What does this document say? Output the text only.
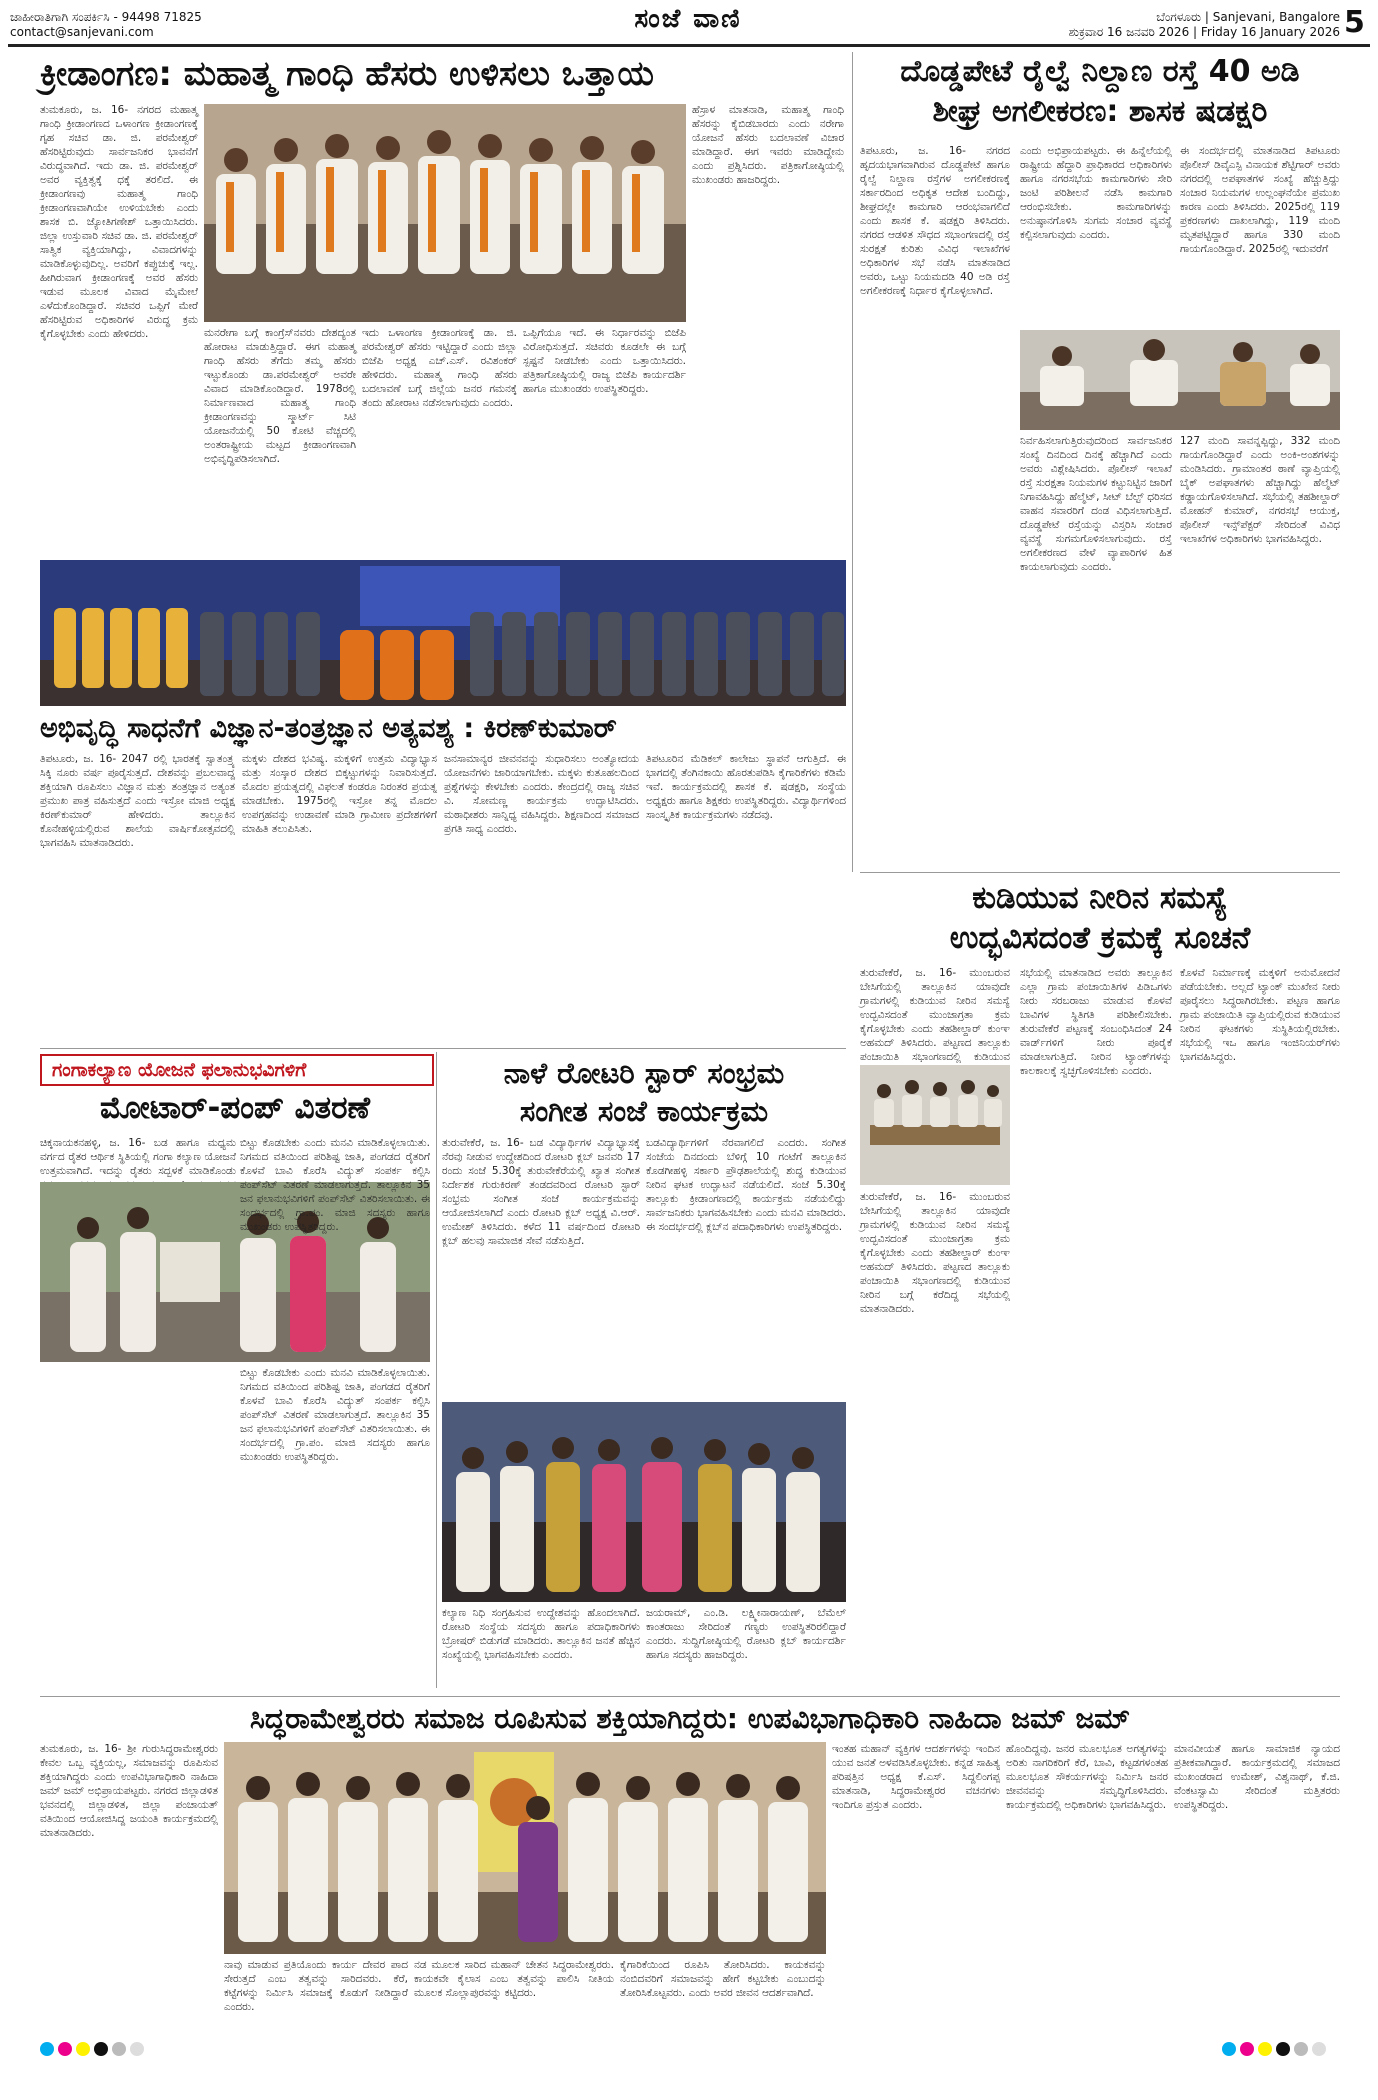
ಜಾಹೀರಾತಿಗಾಗಿ ಸಂಪರ್ಕಿಸಿ - 94498 71825
contact@sanjevani.com	ಸಂಜೆ ವಾಣಿ	ಬೆಂಗಳೂರು | Sanjevani, Bangalore
ಶುಕ್ರವಾರ 16 ಜನವರಿ 2026 | Friday 16 January 2026 5
ಕ್ರೀಡಾಂಗಣ: ಮಹಾತ್ಮ ಗಾಂಧಿ ಹೆಸರು ಉಳಿಸಲು ಒತ್ತಾಯ
ತುಮಕೂರು, ಜ. 16- ನಗರದ ಮಹಾತ್ಮ ಗಾಂಧಿ ಕ್ರೀಡಾಂಗಣದ ಒಳಾಂಗಣ ಕ್ರೀಡಾಂಗಣಕ್ಕೆ ಗೃಹ ಸಚಿವ ಡಾ. ಜಿ. ಪರಮೇಶ್ವರ್ ಹೆಸರಿಟ್ಟಿರುವುದು ಸಾರ್ವಜನಿಕರ ಭಾವನೆಗೆ ವಿರುದ್ಧವಾಗಿದೆ. ಇದು ಡಾ. ಜಿ. ಪರಮೇಶ್ವರ್ ಅವರ ವ್ಯಕ್ತಿತ್ವಕ್ಕೆ ಧಕ್ಕೆ ತರಲಿದೆ. ಈ ಕ್ರೀಡಾಂಗಣವು ಮಹಾತ್ಮ ಗಾಂಧಿ ಕ್ರೀಡಾಂಗಣವಾಗಿಯೇ ಉಳಿಯಬೇಕು ಎಂದು ಶಾಸಕ ಬಿ. ಜ್ಯೋತಿಗಣೇಶ್ ಒತ್ತಾಯಿಸಿದರು. ಜಿಲ್ಲಾ ಉಸ್ತುವಾರಿ ಸಚಿವ ಡಾ. ಜಿ. ಪರಮೇಶ್ವರ್ ಸಾತ್ವಿಕ ವ್ಯಕ್ತಿಯಾಗಿದ್ದು, ವಿವಾದಗಳನ್ನು ಮಾಡಿಕೊಳ್ಳುವುದಿಲ್ಲ. ಅವರಿಗೆ ಕಪ್ಪುಚುಕ್ಕೆ ಇಲ್ಲ. ಹೀಗಿರುವಾಗ ಕ್ರೀಡಾಂಗಣಕ್ಕೆ ಅವರ ಹೆಸರು ಇಡುವ ಮೂಲಕ ವಿವಾದ ಮೈಮೇಲೆ ಎಳೆದುಕೊಂಡಿದ್ದಾರೆ. ಸಚಿವರ ಒಪ್ಪಿಗೆ ಮೇರೆ ಹೆಸರಿಟ್ಟಿರುವ ಅಧಿಕಾರಿಗಳ ವಿರುದ್ಧ ಕ್ರಮ ಕೈಗೊಳ್ಳಬೇಕು ಎಂದು ಹೇಳಿದರು.	ಮನರೇಗಾ ಬಗ್ಗೆ ಕಾಂಗ್ರೆಸ್‌ನವರು ದೇಶದ್ಯಂತ ಹೋರಾಟ ಮಾಡುತ್ತಿದ್ದಾರೆ. ಈಗ ಮಹಾತ್ಮ ಗಾಂಧಿ ಹೆಸರು ತೆಗೆದು ತಮ್ಮ ಹೆಸರು ಇಟ್ಟುಕೊಂಡು ಡಾ.ಪರಮೇಶ್ವರ್ ಅವರೇ ವಿವಾದ ಮಾಡಿಕೊಂಡಿದ್ದಾರೆ. 1978ರಲ್ಲಿ ನಿರ್ಮಾಣವಾದ ಮಹಾತ್ಮ ಗಾಂಧಿ ಕ್ರೀಡಾಂಗಣವನ್ನು ಸ್ಮಾರ್ಟ್ ಸಿಟಿ ಯೋಜನೆಯಲ್ಲಿ 50 ಕೋಟಿ ವೆಚ್ಚದಲ್ಲಿ ಅಂತರಾಷ್ಟ್ರೀಯ ಮಟ್ಟದ ಕ್ರೀಡಾಂಗಣವಾಗಿ ಅಭಿವೃದ್ಧಿಪಡಿಸಲಾಗಿದೆ.
ಇದು ಒಳಾಂಗಣ ಕ್ರೀಡಾಂಗಣಕ್ಕೆ ಡಾ. ಜಿ. ಪರಮೇಶ್ವರ್ ಹೆಸರು ಇಟ್ಟಿದ್ದಾರೆ ಎಂದು ಜಿಲ್ಲಾ ಬಿಜೆಪಿ ಅಧ್ಯಕ್ಷ ಎಚ್.ಎಸ್. ರವಿಶಂಕರ್ ಹೇಳಿದರು. ಮಹಾತ್ಮ ಗಾಂಧಿ ಹೆಸರು ಬದಲಾವಣೆ ಬಗ್ಗೆ ಜಿಲ್ಲೆಯ ಜನರ ಗಮನಕ್ಕೆ ತಂದು ಹೋರಾಟ ನಡೆಸಲಾಗುವುದು ಎಂದರು.
ಒಪ್ಪಿಗೆಯೂ ಇದೆ. ಈ ನಿರ್ಧಾರವನ್ನು ಬಿಜೆಪಿ ವಿರೋಧಿಸುತ್ತದೆ. ಸಚಿವರು ಕೂಡಲೇ ಈ ಬಗ್ಗೆ ಸ್ಪಷ್ಟನೆ ನೀಡಬೇಕು ಎಂದು ಒತ್ತಾಯಿಸಿದರು. ಪತ್ರಿಕಾಗೋಷ್ಠಿಯಲ್ಲಿ ರಾಜ್ಯ ಬಿಜೆಪಿ ಕಾರ್ಯದರ್ಶಿ ಹಾಗೂ ಮುಖಂಡರು ಉಪಸ್ಥಿತರಿದ್ದರು.
ಹೆಸ್ರಾಳ ಮಾತನಾಡಿ, ಮಹಾತ್ಮ ಗಾಂಧಿ ಹೆಸರನ್ನು ಕೈಬಿಡಬಾರದು ಎಂದು ನರೇಗಾ ಯೋಜನೆ ಹೆಸರು ಬದಲಾವಣೆ ವಿಚಾರ ಮಾಡಿದ್ದಾರೆ. ಈಗ ಇವರು ಮಾಡಿದ್ದೇನು ಎಂದು ಪ್ರಶ್ನಿಸಿದರು. ಪತ್ರಿಕಾಗೋಷ್ಠಿಯಲ್ಲಿ ಮುಖಂಡರು ಹಾಜರಿದ್ದರು.
ದೊಡ್ಡಪೇಟೆ ರೈಲ್ವೆ ನಿಲ್ದಾಣ ರಸ್ತೆ 40 ಅಡಿ
ಶೀಘ್ರ ಅಗಲೀಕರಣ: ಶಾಸಕ ಷಡಕ್ಷರಿ
ತಿಪಟೂರು, ಜ. 16- ನಗರದ ಹೃದಯಭಾಗವಾಗಿರುವ ದೊಡ್ಡಪೇಟೆ ಹಾಗೂ ರೈಲ್ವೆ ನಿಲ್ದಾಣ ರಸ್ತೆಗಳ ಅಗಲೀಕರಣಕ್ಕೆ ಸರ್ಕಾರದಿಂದ ಅಧಿಕೃತ ಆದೇಶ ಬಂದಿದ್ದು, ಶೀಘ್ರದಲ್ಲೇ ಕಾಮಗಾರಿ ಆರಂಭವಾಗಲಿದೆ ಎಂದು ಶಾಸಕ ಕೆ. ಷಡಕ್ಷರಿ ತಿಳಿಸಿದರು. ನಗರದ ಆಡಳಿತ ಸೌಧದ ಸಭಾಂಗಣದಲ್ಲಿ ರಸ್ತೆ ಸುರಕ್ಷತೆ ಕುರಿತು ವಿವಿಧ ಇಲಾಖೆಗಳ ಅಧಿಕಾರಿಗಳ ಸಭೆ ನಡೆಸಿ ಮಾತನಾಡಿದ ಅವರು, ಒಟ್ಟು ನಿಯಮದಡಿ 40 ಅಡಿ ರಸ್ತೆ ಅಗಲೀಕರಣಕ್ಕೆ ನಿರ್ಧಾರ ಕೈಗೊಳ್ಳಲಾಗಿದೆ.
ಎಂದು ಅಭಿಪ್ರಾಯಪಟ್ಟರು. ಈ ಹಿನ್ನೆಲೆಯಲ್ಲಿ ರಾಷ್ಟ್ರೀಯ ಹೆದ್ದಾರಿ ಪ್ರಾಧಿಕಾರದ ಅಧಿಕಾರಿಗಳು ಹಾಗೂ ನಗರಸಭೆಯ ಕಾಮಗಾರಿಗಳು ಸೇರಿ ಜಂಟಿ ಪರಿಶೀಲನೆ ನಡೆಸಿ ಕಾಮಗಾರಿ ಆರಂಭಿಸಬೇಕು. ಕಾಮಗಾರಿಗಳನ್ನು ಅನುಷ್ಠಾನಗೊಳಿಸಿ ಸುಗಮ ಸಂಚಾರ ವ್ಯವಸ್ಥೆ ಕಲ್ಪಿಸಲಾಗುವುದು ಎಂದರು.
ಈ ಸಂದರ್ಭದಲ್ಲಿ ಮಾತನಾಡಿದ ತಿಪಟೂರು ಪೊಲೀಸ್ ಡಿವೈಎಸ್ಪಿ ವಿನಾಯಕ ಶೆಟ್ಟಿಗಾರ್ ಅವರು ನಗರದಲ್ಲಿ ಅಪಘಾತಗಳ ಸಂಖ್ಯೆ ಹೆಚ್ಚುತ್ತಿದ್ದು ಸಂಚಾರ ನಿಯಮಗಳ ಉಲ್ಲಂಘನೆಯೇ ಪ್ರಮುಖ ಕಾರಣ ಎಂದು ತಿಳಿಸಿದರು. 2025ರಲ್ಲಿ 119 ಪ್ರಕರಣಗಳು ದಾಖಲಾಗಿದ್ದು, 119 ಮಂದಿ ಮೃತಪಟ್ಟಿದ್ದಾರೆ ಹಾಗೂ 330 ಮಂದಿ ಗಾಯಗೊಂಡಿದ್ದಾರೆ. 2025ರಲ್ಲಿ ಇದುವರೆಗೆ
ನಿರ್ವಹಿಸಲಾಗುತ್ತಿರುವುದರಿಂದ ಸಾರ್ವಜನಿಕರ ಸಂಖ್ಯೆ ದಿನದಿಂದ ದಿನಕ್ಕೆ ಹೆಚ್ಚಾಗಿದೆ ಎಂದು ಅವರು ವಿಶ್ಲೇಷಿಸಿದರು. ಪೊಲೀಸ್ ಇಲಾಖೆ ರಸ್ತೆ ಸುರಕ್ಷತಾ ನಿಯಮಗಳ ಕಟ್ಟುನಿಟ್ಟಿನ ಜಾರಿಗೆ ನಿಗಾವಹಿಸಿದ್ದು ಹೆಲ್ಮೆಟ್, ಸೀಟ್ ಬೆಲ್ಟ್ ಧರಿಸದ ವಾಹನ ಸವಾರರಿಗೆ ದಂಡ ವಿಧಿಸಲಾಗುತ್ತಿದೆ. ದೊಡ್ಡಪೇಟೆ ರಸ್ತೆಯನ್ನು ವಿಸ್ತರಿಸಿ ಸಂಚಾರ ವ್ಯವಸ್ಥೆ ಸುಗಮಗೊಳಿಸಲಾಗುವುದು. ರಸ್ತೆ ಅಗಲೀಕರಣದ ವೇಳೆ ವ್ಯಾಪಾರಿಗಳ ಹಿತ ಕಾಯಲಾಗುವುದು ಎಂದರು.
127 ಮಂದಿ ಸಾವನ್ನಪ್ಪಿದ್ದು, 332 ಮಂದಿ ಗಾಯಗೊಂಡಿದ್ದಾರೆ ಎಂದು ಅಂಕಿ-ಅಂಶಗಳನ್ನು ಮಂಡಿಸಿದರು. ಗ್ರಾಮಾಂತರ ಠಾಣೆ ವ್ಯಾಪ್ತಿಯಲ್ಲಿ ಬೈಕ್ ಅಪಘಾತಗಳು ಹೆಚ್ಚಾಗಿದ್ದು ಹೆಲ್ಮೆಟ್ ಕಡ್ಡಾಯಗೊಳಿಸಲಾಗಿದೆ. ಸಭೆಯಲ್ಲಿ ತಹಶೀಲ್ದಾರ್ ಮೋಹನ್ ಕುಮಾರ್, ನಗರಸಭೆ ಆಯುಕ್ತ, ಪೊಲೀಸ್ ಇನ್ಸ್‌ಪೆಕ್ಟರ್ ಸೇರಿದಂತೆ ವಿವಿಧ ಇಲಾಖೆಗಳ ಅಧಿಕಾರಿಗಳು ಭಾಗವಹಿಸಿದ್ದರು.
ಅಭಿವೃದ್ಧಿ ಸಾಧನೆಗೆ ವಿಜ್ಞಾನ-ತಂತ್ರಜ್ಞಾನ ಅತ್ಯವಶ್ಯ : ಕಿರಣ್‌ಕುಮಾರ್
ತಿಪಟೂರು, ಜ. 16- 2047 ರಲ್ಲಿ ಭಾರತಕ್ಕೆ ಸ್ವಾತಂತ್ರ್ಯ ಸಿಕ್ಕಿ ನೂರು ವರ್ಷ ಪೂರೈಸುತ್ತದೆ. ದೇಶವನ್ನು ಪ್ರಬಲವಾದ್ದ ಶಕ್ತಿಯಾಗಿ ರೂಪಿಸಲು ವಿಜ್ಞಾನ ಮತ್ತು ತಂತ್ರಜ್ಞಾನ ಅತ್ಯಂತ ಪ್ರಮುಖ ಪಾತ್ರ ವಹಿಸುತ್ತದೆ ಎಂದು ಇಸ್ರೋ ಮಾಜಿ ಅಧ್ಯಕ್ಷ ಕಿರಣ್‌ಕುಮಾರ್ ಹೇಳಿದರು. ತಾಲ್ಲೂಕಿನ ಕೊನೇಹಳ್ಳಿಯಲ್ಲಿರುವ ಶಾಲೆಯ ವಾರ್ಷಿಕೋತ್ಸವದಲ್ಲಿ ಭಾಗವಹಿಸಿ ಮಾತನಾಡಿದರು.
ಮಕ್ಕಳು ದೇಶದ ಭವಿಷ್ಯ. ಮಕ್ಕಳಿಗೆ ಉತ್ತಮ ವಿದ್ಯಾಭ್ಯಾಸ ಮತ್ತು ಸಂಸ್ಕಾರ ದೇಶದ ಬಿಕ್ಕಟ್ಟುಗಳನ್ನು ನಿವಾರಿಸುತ್ತದೆ. ಮೊದಲ ಪ್ರಯತ್ನದಲ್ಲಿ ವಿಫಲತೆ ಕಂಡರೂ ನಿರಂತರ ಪ್ರಯತ್ನ ಮಾಡಬೇಕು. 1975ರಲ್ಲಿ ಇಸ್ರೋ ತನ್ನ ಮೊದಲ ಉಪಗ್ರಹವನ್ನು ಉಡಾವಣೆ ಮಾಡಿ ಗ್ರಾಮೀಣ ಪ್ರದೇಶಗಳಿಗೆ ಮಾಹಿತಿ ತಲುಪಿಸಿತು.
ಜನಸಾಮಾನ್ಯರ ಜೀವನವನ್ನು ಸುಧಾರಿಸಲು ಅಂತ್ಯೋದಯ ಯೋಜನೆಗಳು ಜಾರಿಯಾಗಬೇಕು. ಮಕ್ಕಳು ಕುತೂಹಲದಿಂದ ಪ್ರಶ್ನೆಗಳನ್ನು ಕೇಳಬೇಕು ಎಂದರು. ಕೇಂದ್ರದಲ್ಲಿ ರಾಜ್ಯ ಸಚಿವ ವಿ. ಸೋಮಣ್ಣ ಕಾರ್ಯಕ್ರಮ ಉದ್ಘಾಟಿಸಿದರು. ಮಠಾಧೀಶರು ಸಾನ್ನಿಧ್ಯ ವಹಿಸಿದ್ದರು. ಶಿಕ್ಷಣದಿಂದ ಸಮಾಜದ ಪ್ರಗತಿ ಸಾಧ್ಯ ಎಂದರು.
ತಿಪಟೂರಿನ ಮೆಡಿಕಲ್ ಕಾಲೇಜು ಸ್ಥಾಪನೆ ಆಗುತ್ತಿದೆ. ಈ ಭಾಗದಲ್ಲಿ ತೆಂಗಿನಕಾಯಿ ಹೊರತುಪಡಿಸಿ ಕೈಗಾರಿಕೆಗಳು ಕಡಿಮೆ ಇವೆ. ಕಾರ್ಯಕ್ರಮದಲ್ಲಿ ಶಾಸಕ ಕೆ. ಷಡಕ್ಷರಿ, ಸಂಸ್ಥೆಯ ಅಧ್ಯಕ್ಷರು ಹಾಗೂ ಶಿಕ್ಷಕರು ಉಪಸ್ಥಿತರಿದ್ದರು. ವಿದ್ಯಾರ್ಥಿಗಳಿಂದ ಸಾಂಸ್ಕೃತಿಕ ಕಾರ್ಯಕ್ರಮಗಳು ನಡೆದವು.
ಕುಡಿಯುವ ನೀರಿನ ಸಮಸ್ಯೆ
ಉದ್ಭವಿಸದಂತೆ ಕ್ರಮಕ್ಕೆ ಸೂಚನೆ
ತುರುವೇಕೆರೆ, ಜ. 16- ಮುಂಬರುವ ಬೇಸಿಗೆಯಲ್ಲಿ ತಾಲ್ಲೂಕಿನ ಯಾವುದೇ ಗ್ರಾಮಗಳಲ್ಲಿ ಕುಡಿಯುವ ನೀರಿನ ಸಮಸ್ಯೆ ಉದ್ಭವಿಸದಂತೆ ಮುಂಜಾಗ್ರತಾ ಕ್ರಮ ಕೈಗೊಳ್ಳಬೇಕು ಎಂದು ತಹಶೀಲ್ದಾರ್ ಕುಂಞ ಅಹಮದ್ ತಿಳಿಸಿದರು. ಪಟ್ಟಣದ ತಾಲ್ಲೂಕು ಪಂಚಾಯಿತಿ ಸಭಾಂಗಣದಲ್ಲಿ ಕುಡಿಯುವ
ಸಭೆಯಲ್ಲಿ ಮಾತನಾಡಿದ ಅವರು ತಾಲ್ಲೂಕಿನ ಎಲ್ಲಾ ಗ್ರಾಮ ಪಂಚಾಯಿತಿಗಳ ಪಿಡಿಒಗಳು ನೀರು ಸರಬರಾಜು ಮಾಡುವ ಕೊಳವೆ ಬಾವಿಗಳ ಸ್ಥಿತಿಗತಿ ಪರಿಶೀಲಿಸಬೇಕು. ತುರುವೇಕೆರೆ ಪಟ್ಟಣಕ್ಕೆ ಸಂಬಂಧಿಸಿದಂತೆ 24 ವಾರ್ಡ್‌ಗಳಿಗೆ ನೀರು ಪೂರೈಕೆ ಮಾಡಲಾಗುತ್ತಿದೆ. ನೀರಿನ ಟ್ಯಾಂಕ್‌ಗಳನ್ನು ಕಾಲಕಾಲಕ್ಕೆ ಸ್ವಚ್ಛಗೊಳಿಸಬೇಕು ಎಂದರು.
ಕೊಳವೆ ನಿರ್ಮಾಣಕ್ಕೆ ಮಕ್ಕಳಿಗೆ ಅನುಮೋದನೆ ಪಡೆಯಬೇಕು. ಅಲ್ಲದೆ ಟ್ಯಾಂಕ್ ಮುಖೇನ ನೀರು ಪೂರೈಸಲು ಸಿದ್ಧರಾಗಿರಬೇಕು. ಪಟ್ಟಣ ಹಾಗೂ ಗ್ರಾಮ ಪಂಚಾಯಿತಿ ವ್ಯಾಪ್ತಿಯಲ್ಲಿರುವ ಕುಡಿಯುವ ನೀರಿನ ಘಟಕಗಳು ಸುಸ್ಥಿತಿಯಲ್ಲಿರಬೇಕು. ಸಭೆಯಲ್ಲಿ ಇಒ ಹಾಗೂ ಇಂಜಿನಿಯರ್‌ಗಳು ಭಾಗವಹಿಸಿದ್ದರು.
ತುರುವೇಕೆರೆ, ಜ. 16- ಮುಂಬರುವ ಬೇಸಿಗೆಯಲ್ಲಿ ತಾಲ್ಲೂಕಿನ ಯಾವುದೇ ಗ್ರಾಮಗಳಲ್ಲಿ ಕುಡಿಯುವ ನೀರಿನ ಸಮಸ್ಯೆ ಉದ್ಭವಿಸದಂತೆ ಮುಂಜಾಗ್ರತಾ ಕ್ರಮ ಕೈಗೊಳ್ಳಬೇಕು ಎಂದು ತಹಶೀಲ್ದಾರ್ ಕುಂಞ ಅಹಮದ್ ತಿಳಿಸಿದರು. ಪಟ್ಟಣದ ತಾಲ್ಲೂಕು ಪಂಚಾಯಿತಿ ಸಭಾಂಗಣದಲ್ಲಿ ಕುಡಿಯುವ ನೀರಿನ ಬಗ್ಗೆ ಕರೆದಿದ್ದ ಸಭೆಯಲ್ಲಿ ಮಾತನಾಡಿದರು.
ಗಂಗಾಕಲ್ಯಾಣ ಯೋಜನೆ ಫಲಾನುಭವಿಗಳಿಗೆ
ಮೋಟಾರ್-ಪಂಪ್ ವಿತರಣೆ
ಚಿಕ್ಕನಾಯಕನಹಳ್ಳಿ, ಜ. 16- ಬಡ ಹಾಗೂ ಮಧ್ಯಮ ವರ್ಗದ ರೈತರ ಆರ್ಥಿಕ ಸ್ಥಿತಿಯಲ್ಲಿ ಗಂಗಾ ಕಲ್ಯಾಣ ಯೋಜನೆ ಉತ್ತಮವಾಗಿದೆ. ಇದನ್ನು ರೈತರು ಸದ್ಬಳಕೆ ಮಾಡಿಕೊಂಡು
ಬಿಟ್ಟು ಕೊಡಬೇಕು ಎಂದು ಮನವಿ ಮಾಡಿಕೊಳ್ಳಲಾಯಿತು. ನಿಗಮದ ವತಿಯಿಂದ ಪರಿಶಿಷ್ಟ ಜಾತಿ, ಪಂಗಡದ ರೈತರಿಗೆ ಕೊಳವೆ ಬಾವಿ ಕೊರೆಸಿ ವಿದ್ಯುತ್ ಸಂಪರ್ಕ ಕಲ್ಪಿಸಿ ಪಂಪ್‌ಸೆಟ್ ವಿತರಣೆ ಮಾಡಲಾಗುತ್ತದೆ. ತಾಲ್ಲೂಕಿನ 35 ಜನ ಫಲಾನುಭವಿಗಳಿಗೆ ಪಂಪ್‌ಸೆಟ್ ವಿತರಿಸಲಾಯಿತು. ಈ ಸಂದರ್ಭದಲ್ಲಿ ಗ್ರಾ.ಪಂ. ಮಾಜಿ ಸದಸ್ಯರು ಹಾಗೂ ಮುಖಂಡರು ಉಪಸ್ಥಿತರಿದ್ದರು.
ಬಿಟ್ಟು ಕೊಡಬೇಕು ಎಂದು ಮನವಿ ಮಾಡಿಕೊಳ್ಳಲಾಯಿತು. ನಿಗಮದ ವತಿಯಿಂದ ಪರಿಶಿಷ್ಟ ಜಾತಿ, ಪಂಗಡದ ರೈತರಿಗೆ ಕೊಳವೆ ಬಾವಿ ಕೊರೆಸಿ ವಿದ್ಯುತ್ ಸಂಪರ್ಕ ಕಲ್ಪಿಸಿ ಪಂಪ್‌ಸೆಟ್ ವಿತರಣೆ ಮಾಡಲಾಗುತ್ತದೆ. ತಾಲ್ಲೂಕಿನ 35 ಜನ ಫಲಾನುಭವಿಗಳಿಗೆ ಪಂಪ್‌ಸೆಟ್ ವಿತರಿಸಲಾಯಿತು. ಈ ಸಂದರ್ಭದಲ್ಲಿ ಗ್ರಾ.ಪಂ. ಮಾಜಿ ಸದಸ್ಯರು ಹಾಗೂ ಮುಖಂಡರು ಉಪಸ್ಥಿತರಿದ್ದರು.
ನಾಳೆ ರೋಟರಿ ಸ್ಟಾರ್ ಸಂಭ್ರಮ
ಸಂಗೀತ ಸಂಜೆ ಕಾರ್ಯಕ್ರಮ
ತುರುವೇಕೆರೆ, ಜ. 16- ಬಡ ವಿದ್ಯಾರ್ಥಿಗಳ ವಿದ್ಯಾಭ್ಯಾಸಕ್ಕೆ ನೆರವು ನೀಡುವ ಉದ್ದೇಶದಿಂದ ರೋಟರಿ ಕ್ಲಬ್ ಜನವರಿ 17 ರಂದು ಸಂಜೆ 5.30ಕ್ಕೆ ತುರುವೇಕೆರೆಯಲ್ಲಿ ಖ್ಯಾತ ಸಂಗೀತ ನಿರ್ದೇಶಕ ಗುರುಕಿರಣ್ ತಂಡದವರಿಂದ ರೋಟರಿ ಸ್ಟಾರ್ ಸಂಭ್ರಮ ಸಂಗೀತ ಸಂಜೆ ಕಾರ್ಯಕ್ರಮವನ್ನು ಆಯೋಜಿಸಲಾಗಿದೆ ಎಂದು ರೋಟರಿ ಕ್ಲಬ್ ಅಧ್ಯಕ್ಷ ವಿ.ಆರ್. ಉಮೇಶ್ ತಿಳಿಸಿದರು. ಕಳೆದ 11 ವರ್ಷದಿಂದ ರೋಟರಿ ಕ್ಲಬ್ ಹಲವು ಸಾಮಾಜಿಕ ಸೇವೆ ನಡೆಸುತ್ತಿದೆ.
ಬಡವಿದ್ಯಾರ್ಥಿಗಳಿಗೆ ನೆರವಾಗಲಿದೆ ಎಂದರು. ಸಂಗೀತ ಸಂಜೆಯ ದಿನದಂದು ಬೆಳಿಗ್ಗೆ 10 ಗಂಟೆಗೆ ತಾಲ್ಲೂಕಿನ ಕೊಡಗೀಹಳ್ಳಿ ಸರ್ಕಾರಿ ಪ್ರೌಢಶಾಲೆಯಲ್ಲಿ ಶುದ್ಧ ಕುಡಿಯುವ ನೀರಿನ ಘಟಕ ಉದ್ಘಾಟನೆ ನಡೆಯಲಿದೆ. ಸಂಜೆ 5.30ಕ್ಕೆ ತಾಲ್ಲೂಕು ಕ್ರೀಡಾಂಗಣದಲ್ಲಿ ಕಾರ್ಯಕ್ರಮ ನಡೆಯಲಿದ್ದು ಸಾರ್ವಜನಿಕರು ಭಾಗವಹಿಸಬೇಕು ಎಂದು ಮನವಿ ಮಾಡಿದರು. ಈ ಸಂದರ್ಭದಲ್ಲಿ ಕ್ಲಬ್‌ನ ಪದಾಧಿಕಾರಿಗಳು ಉಪಸ್ಥಿತರಿದ್ದರು.
ಕಲ್ಯಾಣ ನಿಧಿ ಸಂಗ್ರಹಿಸುವ ಉದ್ದೇಶವನ್ನು ಹೊಂದಲಾಗಿದೆ. ರೋಟರಿ ಸಂಸ್ಥೆಯ ಸದಸ್ಯರು ಹಾಗೂ ಪದಾಧಿಕಾರಿಗಳು ಬ್ರೋಷರ್ ಬಿಡುಗಡೆ ಮಾಡಿದರು. ತಾಲ್ಲೂಕಿನ ಜನತೆ ಹೆಚ್ಚಿನ ಸಂಖ್ಯೆಯಲ್ಲಿ ಭಾಗವಹಿಸಬೇಕು ಎಂದರು.
ಜಯರಾಮ್, ಎಂ.ಡಿ. ಲಕ್ಷ್ಮೀನಾರಾಯಣ್, ಬೆಮೆಲ್ ಕಾಂತರಾಜು ಸೇರಿದಂತೆ ಗಣ್ಯರು ಉಪಸ್ಥಿತರಿರಲಿದ್ದಾರೆ ಎಂದರು. ಸುದ್ದಿಗೋಷ್ಠಿಯಲ್ಲಿ ರೋಟರಿ ಕ್ಲಬ್ ಕಾರ್ಯದರ್ಶಿ ಹಾಗೂ ಸದಸ್ಯರು ಹಾಜರಿದ್ದರು.
ಸಿದ್ಧರಾಮೇಶ್ವರರು ಸಮಾಜ ರೂಪಿಸುವ ಶಕ್ತಿಯಾಗಿದ್ದರು: ಉಪವಿಭಾಗಾಧಿಕಾರಿ ನಾಹಿದಾ ಜಮ್ ಜಮ್
ತುಮಕೂರು, ಜ. 16- ಶ್ರೀ ಗುರುಸಿದ್ಧರಾಮೇಶ್ವರರು ಕೇವಲ ಒಬ್ಬ ವ್ಯಕ್ತಿಯಲ್ಲ, ಸಮಾಜವನ್ನು ರೂಪಿಸುವ ಶಕ್ತಿಯಾಗಿದ್ದರು ಎಂದು ಉಪವಿಭಾಗಾಧಿಕಾರಿ ನಾಹಿದಾ ಜಮ್ ಜಮ್ ಅಭಿಪ್ರಾಯಪಟ್ಟರು. ನಗರದ ಜಿಲ್ಲಾಡಳಿತ ಭವನದಲ್ಲಿ ಜಿಲ್ಲಾಡಳಿತ, ಜಿಲ್ಲಾ ಪಂಚಾಯತ್ ವತಿಯಿಂದ ಆಯೋಜಿಸಿದ್ದ ಜಯಂತಿ ಕಾರ್ಯಕ್ರಮದಲ್ಲಿ ಮಾತನಾಡಿದರು.
ನಾವು ಮಾಡುವ ಪ್ರತಿಯೊಂದು ಕಾರ್ಯ ದೇವರ ಪಾದ ಸೇರುತ್ತದೆ ಎಂಬ ತತ್ವವನ್ನು ಸಾರಿದವರು. ಕೆರೆ, ಕಟ್ಟೆಗಳನ್ನು ನಿರ್ಮಿಸಿ ಸಮಾಜಕ್ಕೆ ಕೊಡುಗೆ ನೀಡಿದ್ದಾರೆ ಎಂದರು.
ನಡ ಮೂಲಕ ಸಾರಿದ ಮಹಾನ್ ಚೇತನ ಸಿದ್ಧರಾಮೇಶ್ವರರು. ಕಾಯಕವೇ ಕೈಲಾಸ ಎಂಬ ತತ್ವವನ್ನು ಪಾಲಿಸಿ ನೀತಿಯ ಮೂಲಕ ಸೊಲ್ಲಾಪುರವನ್ನು ಕಟ್ಟಿದರು.
ಕೈಗಾರಿಕೆಯಿಂದ ರೂಪಿಸಿ ತೋರಿಸಿದರು. ಕಾಯಕವನ್ನು ನಂಬಿದವರಿಗೆ ಸಮಾಜವನ್ನು ಹೇಗೆ ಕಟ್ಟಬೇಕು ಎಂಬುದನ್ನು ತೋರಿಸಿಕೊಟ್ಟವರು. ಎಂದು ಅವರ ಜೀವನ ಆದರ್ಶವಾಗಿದೆ.
ಇಂತಹ ಮಹಾನ್ ವ್ಯಕ್ತಿಗಳ ಆದರ್ಶಗಳನ್ನು ಇಂದಿನ ಯುವ ಜನತೆ ಅಳವಡಿಸಿಕೊಳ್ಳಬೇಕು. ಕನ್ನಡ ಸಾಹಿತ್ಯ ಪರಿಷತ್ತಿನ ಅಧ್ಯಕ್ಷ ಕೆ.ಎಸ್. ಸಿದ್ದಲಿಂಗಪ್ಪ ಮಾತನಾಡಿ, ಸಿದ್ಧರಾಮೇಶ್ವರರ ವಚನಗಳು ಇಂದಿಗೂ ಪ್ರಸ್ತುತ ಎಂದರು.
ಹೊಂದಿದ್ದವು. ಜನರ ಮೂಲಭೂತ ಅಗತ್ಯಗಳನ್ನು ಅರಿತು ನಾಗರಿಕರಿಗೆ ಕೆರೆ, ಬಾವಿ, ಕಟ್ಟಡಗಳಂತಹ ಮೂಲಭೂತ ಸೌಕರ್ಯಗಳನ್ನು ನಿರ್ಮಿಸಿ ಜನರ ಜೀವನವನ್ನು ಸಮೃದ್ಧಿಗೊಳಿಸಿದರು. ಕಾರ್ಯಕ್ರಮದಲ್ಲಿ ಅಧಿಕಾರಿಗಳು ಭಾಗವಹಿಸಿದ್ದರು.
ಮಾನವೀಯತೆ ಹಾಗೂ ಸಾಮಾಜಿಕ ನ್ಯಾಯದ ಪ್ರತೀಕವಾಗಿದ್ದಾರೆ. ಕಾರ್ಯಕ್ರಮದಲ್ಲಿ ಸಮಾಜದ ಮುಖಂಡರಾದ ಉಮೇಶ್, ವಿಶ್ವನಾಥ್, ಕೆ.ಜಿ. ವೆಂಕಟಸ್ವಾಮಿ ಸೇರಿದಂತೆ ಮತ್ತಿತರರು ಉಪಸ್ಥಿತರಿದ್ದರು.
